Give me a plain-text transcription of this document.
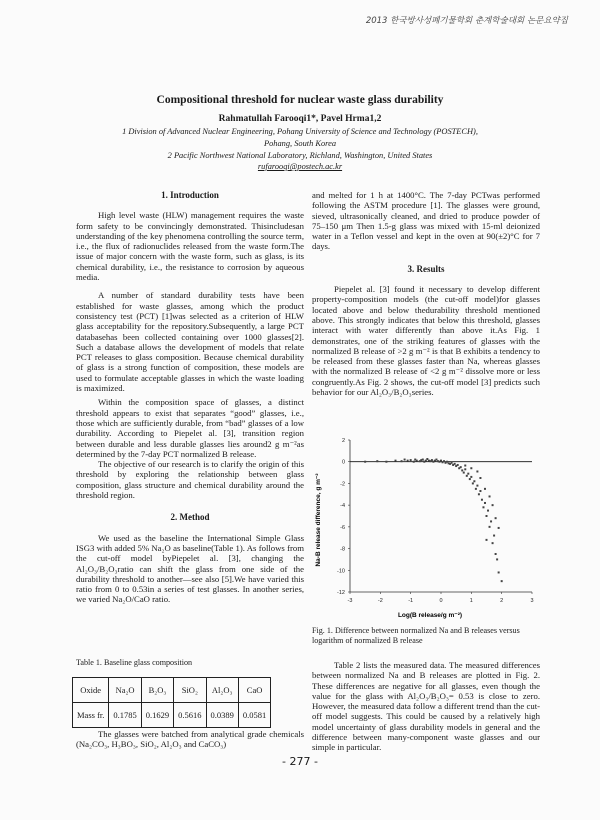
2013 한국방사성폐기물학회 춘계학술대회 논문요약집
Compositional threshold for nuclear waste glass durability
Rahmatullah Farooqi1*, Pavel Hrma1,2
1 Division of Advanced Nuclear Engineering, Pohang University of Science and Technology (POSTECH),
Pohang, South Korea
2 Pacific Northwest National Laboratory, Richland, Washington, United States
rufarooqi@postech.ac.kr
1. Introduction

High level waste (HLW) management requires the waste form safety to be convincingly demonstrated. Thisincludesan understanding of the key phenomena controlling the source term, i.e., the flux of radionuclides released from the waste form.The issue of major concern with the waste form, such as glass, is its chemical durability, i.e., the resistance to corrosion by aqueous media.

A number of standard durability tests have been established for waste glasses, among which the product consistency test (PCT) [1]was selected as a criterion of HLW glass acceptability for the repository.Subsequently, a large PCT databasehas been collected containing over 1000 glasses[2]. Such a database allows the development of models that relate PCT releases to glass composition. Because chemical durability of glass is a strong function of composition, these models are used to formulate acceptable glasses in which the waste loading is maximized.

Within the composition space of glasses, a distinct threshold appears to exist that separates “good” glasses, i.e., those which are sufficiently durable, from “bad” glasses of a low durability. According to Piepelet al. [3], transition region between durable and less durable glasses lies around2 g m⁻²as determined by the 7-day PCT normalized B release.

The objective of our research is to clarify the origin of this threshold by exploring the relationship between glass composition, glass structure and chemical durability around the threshold region.

2. Method

We used as the baseline the International Simple Glass ISG3 with added 5% Na₂O as baseline(Table 1). As follows from the cut-off model byPiepelet al. [3], changing the Al₂O₃/B₂O₃ratio can shift the glass from one side of the durability threshold to another—see also [5].We have varied this ratio from 0 to 0.53in a series of test glasses. In another series, we varied Na₂O/CaO ratio.

Table 1. Baseline glass composition
Oxide	Na₂O	B₂O₃	SiO₂	Al₂O₃	CaO
Mass fr.	0.1785	0.1629	0.5616	0.0389	0.0581

The glasses were batched from analytical grade chemicals (Na₂CO₃, H₃BO₃, SiO₂, Al₂O₃ and CaCO₃)

and melted for 1 h at 1400°C. The 7-day PCTwas performed following the ASTM procedure [1]. The glasses were ground, sieved, ultrasonically cleaned, and dried to produce powder of 75–150 μm Then 1.5-g glass was mixed with 15-ml deionized water in a Teflon vessel and kept in the oven at 90(±2)°C for 7 days.

3. Results

Piepelet al. [3] found it necessary to develop different property-composition models (the cut-off model)for glasses located above and below thedurability threshold mentioned above. This strongly indicates that below this threshold, glasses interact with water differently than above it.As Fig. 1 demonstrates, one of the striking features of glasses with the normalized B release of >2 g m⁻² is that B exhibits a tendency to be released from these glasses faster than Na, whereas glasses with the normalized B release of <2 g m⁻² dissolve more or less congruently.As Fig. 2 shows, the cut-off model [3] predicts such behavior for our Al₂O₃/B₂O₃series.

2
0
-2
-4
-6
-8
-10
-12
-3	-2	-1	0	1	2	3
Na-B release difference, g m⁻²
Log(B release/g m⁻²)
Fig. 1. Difference between normalized Na and B releases versus logarithm of normalized B release

Table 2 lists the measured data. The measured differences between normalized Na and B releases are plotted in Fig. 2. These differences are negative for all glasses, even though the value for the glass with Al₂O₃/B₂O₃= 0.53 is close to zero. However, the measured data follow a different trend than the cut-off model suggests. This could be caused by a relatively high model uncertainty of glass durability models in general and the difference between many-component waste glasses and our simple in particular.

- 277 -
